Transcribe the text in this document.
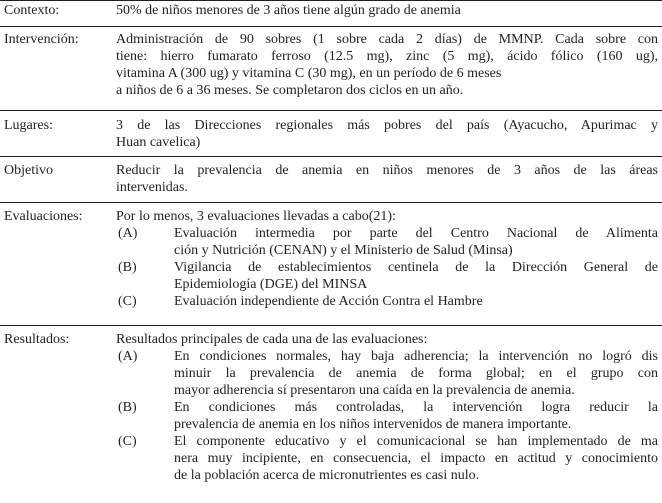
Contexto:	50% de niños menores de 3 años tiene algún grado de anemia
Intervención:	Administración de 90 sobres (1 sobre cada 2 días) de MMNP. Cada sobre con
tiene: hierro fumarato ferroso (12.5 mg), zinc (5 mg), ácido fólico (160 ug),
vitamina A (300 ug) y vitamina C (30 mg), en un período de 6 meses
a niños de 6 a 36 meses. Se completaron dos ciclos en un año.
Lugares:	3 de las Direcciones regionales más pobres del país (Ayacucho, Apurimac y
Huan cavelica)
Objetivo	Reducir la prevalencia de anemia en niños menores de 3 años de las áreas
intervenidas.
Evaluaciones:	Por lo menos, 3 evaluaciones llevadas a cabo(21):
(A)	Evaluación intermedia por parte del Centro Nacional de Alimenta
ción y Nutrición (CENAN) y el Ministerio de Salud (Minsa)
(B)	Vigilancia de establecimientos centinela de la Dirección General de
Epidemiología (DGE) del MINSA
(C)	Evaluación independiente de Acción Contra el Hambre
Resultados:	Resultados principales de cada una de las evaluaciones:
(A)	En condiciones normales, hay baja adherencia; la intervención no logró dis
minuir la prevalencia de anemia de forma global; en el grupo con
mayor adherencia sí presentaron una caída en la prevalencia de anemia.
(B)	En condiciones más controladas, la intervención logra reducir la
prevalencia de anemia en los niños intervenidos de manera importante.
(C)	El componente educativo y el comunicacional se han implementado de ma
nera muy incipiente, en consecuencia, el impacto en actitud y conocimiento
de la población acerca de micronutrientes es casi nulo.
